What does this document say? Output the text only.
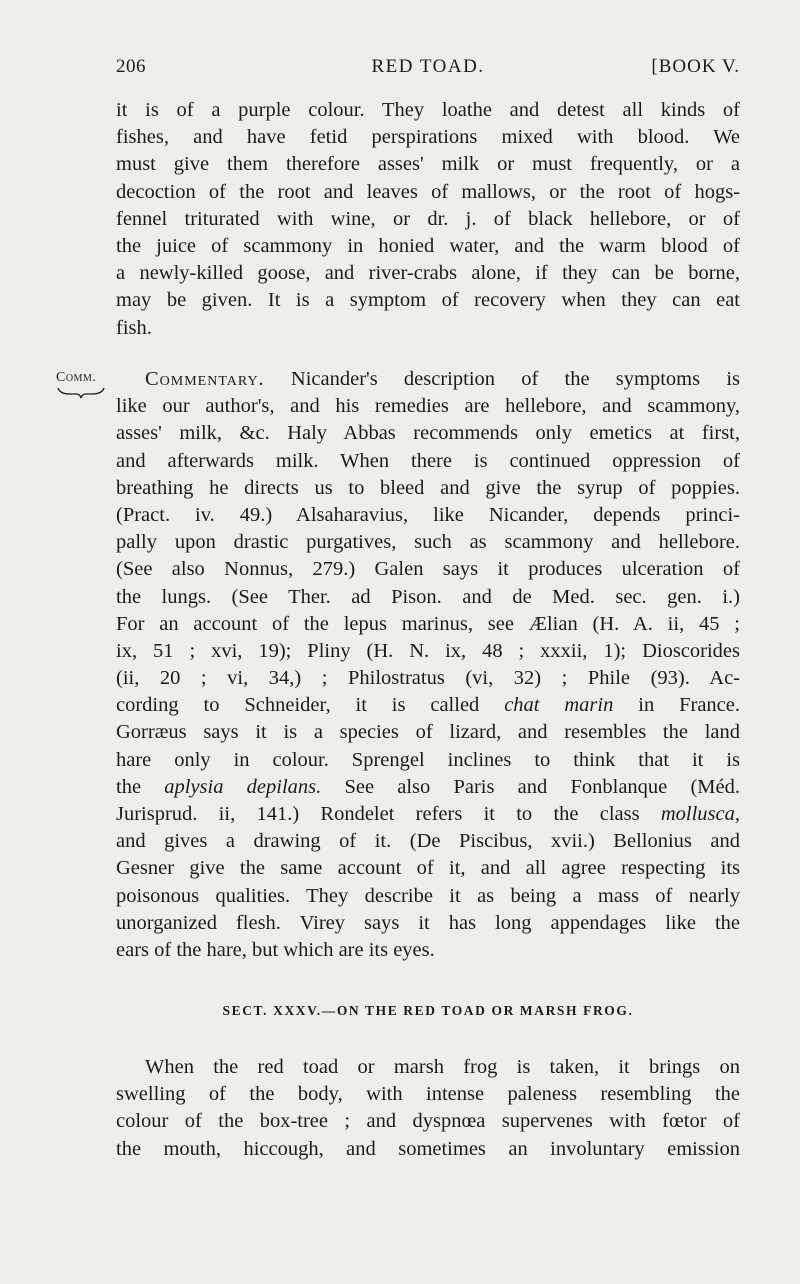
206	RED TOAD.	[BOOK V.
it is of a purple colour. They loathe and detest all kinds of
fishes, and have fetid perspirations mixed with blood. We
must give them therefore asses' milk or must frequently, or a
decoction of the root and leaves of mallows, or the root of hogs-
fennel triturated with wine, or dr. j. of black hellebore, or of
the juice of scammony in honied water, and the warm blood of
a newly-killed goose, and river-crabs alone, if they can be borne,
may be given. It is a symptom of recovery when they can eat
fish.
Comm.	Commentary. Nicander's description of the symptoms is
like our author's, and his remedies are hellebore, and scammony,
asses' milk, &c. Haly Abbas recommends only emetics at first,
and afterwards milk. When there is continued oppression of
breathing he directs us to bleed and give the syrup of poppies.
(Pract. iv. 49.) Alsaharavius, like Nicander, depends princi-
pally upon drastic purgatives, such as scammony and hellebore.
(See also Nonnus, 279.) Galen says it produces ulceration of
the lungs. (See Ther. ad Pison. and de Med. sec. gen. i.)
For an account of the lepus marinus, see Ælian (H. A. ii, 45 ;
ix, 51 ; xvi, 19); Pliny (H. N. ix, 48 ; xxxii, 1); Dioscorides
(ii, 20 ; vi, 34,) ; Philostratus (vi, 32) ; Phile (93). Ac-
cording to Schneider, it is called chat marin in France.
Gorræus says it is a species of lizard, and resembles the land
hare only in colour. Sprengel inclines to think that it is
the aplysia depilans. See also Paris and Fonblanque (Méd.
Jurisprud. ii, 141.) Rondelet refers it to the class mollusca,
and gives a drawing of it. (De Piscibus, xvii.) Bellonius and
Gesner give the same account of it, and all agree respecting its
poisonous qualities. They describe it as being a mass of nearly
unorganized flesh. Virey says it has long appendages like the
ears of the hare, but which are its eyes.
SECT. XXXV.—ON THE RED TOAD OR MARSH FROG.
When the red toad or marsh frog is taken, it brings on
swelling of the body, with intense paleness resembling the
colour of the box-tree ; and dyspnœa supervenes with fœtor of
the mouth, hiccough, and sometimes an involuntary emission
